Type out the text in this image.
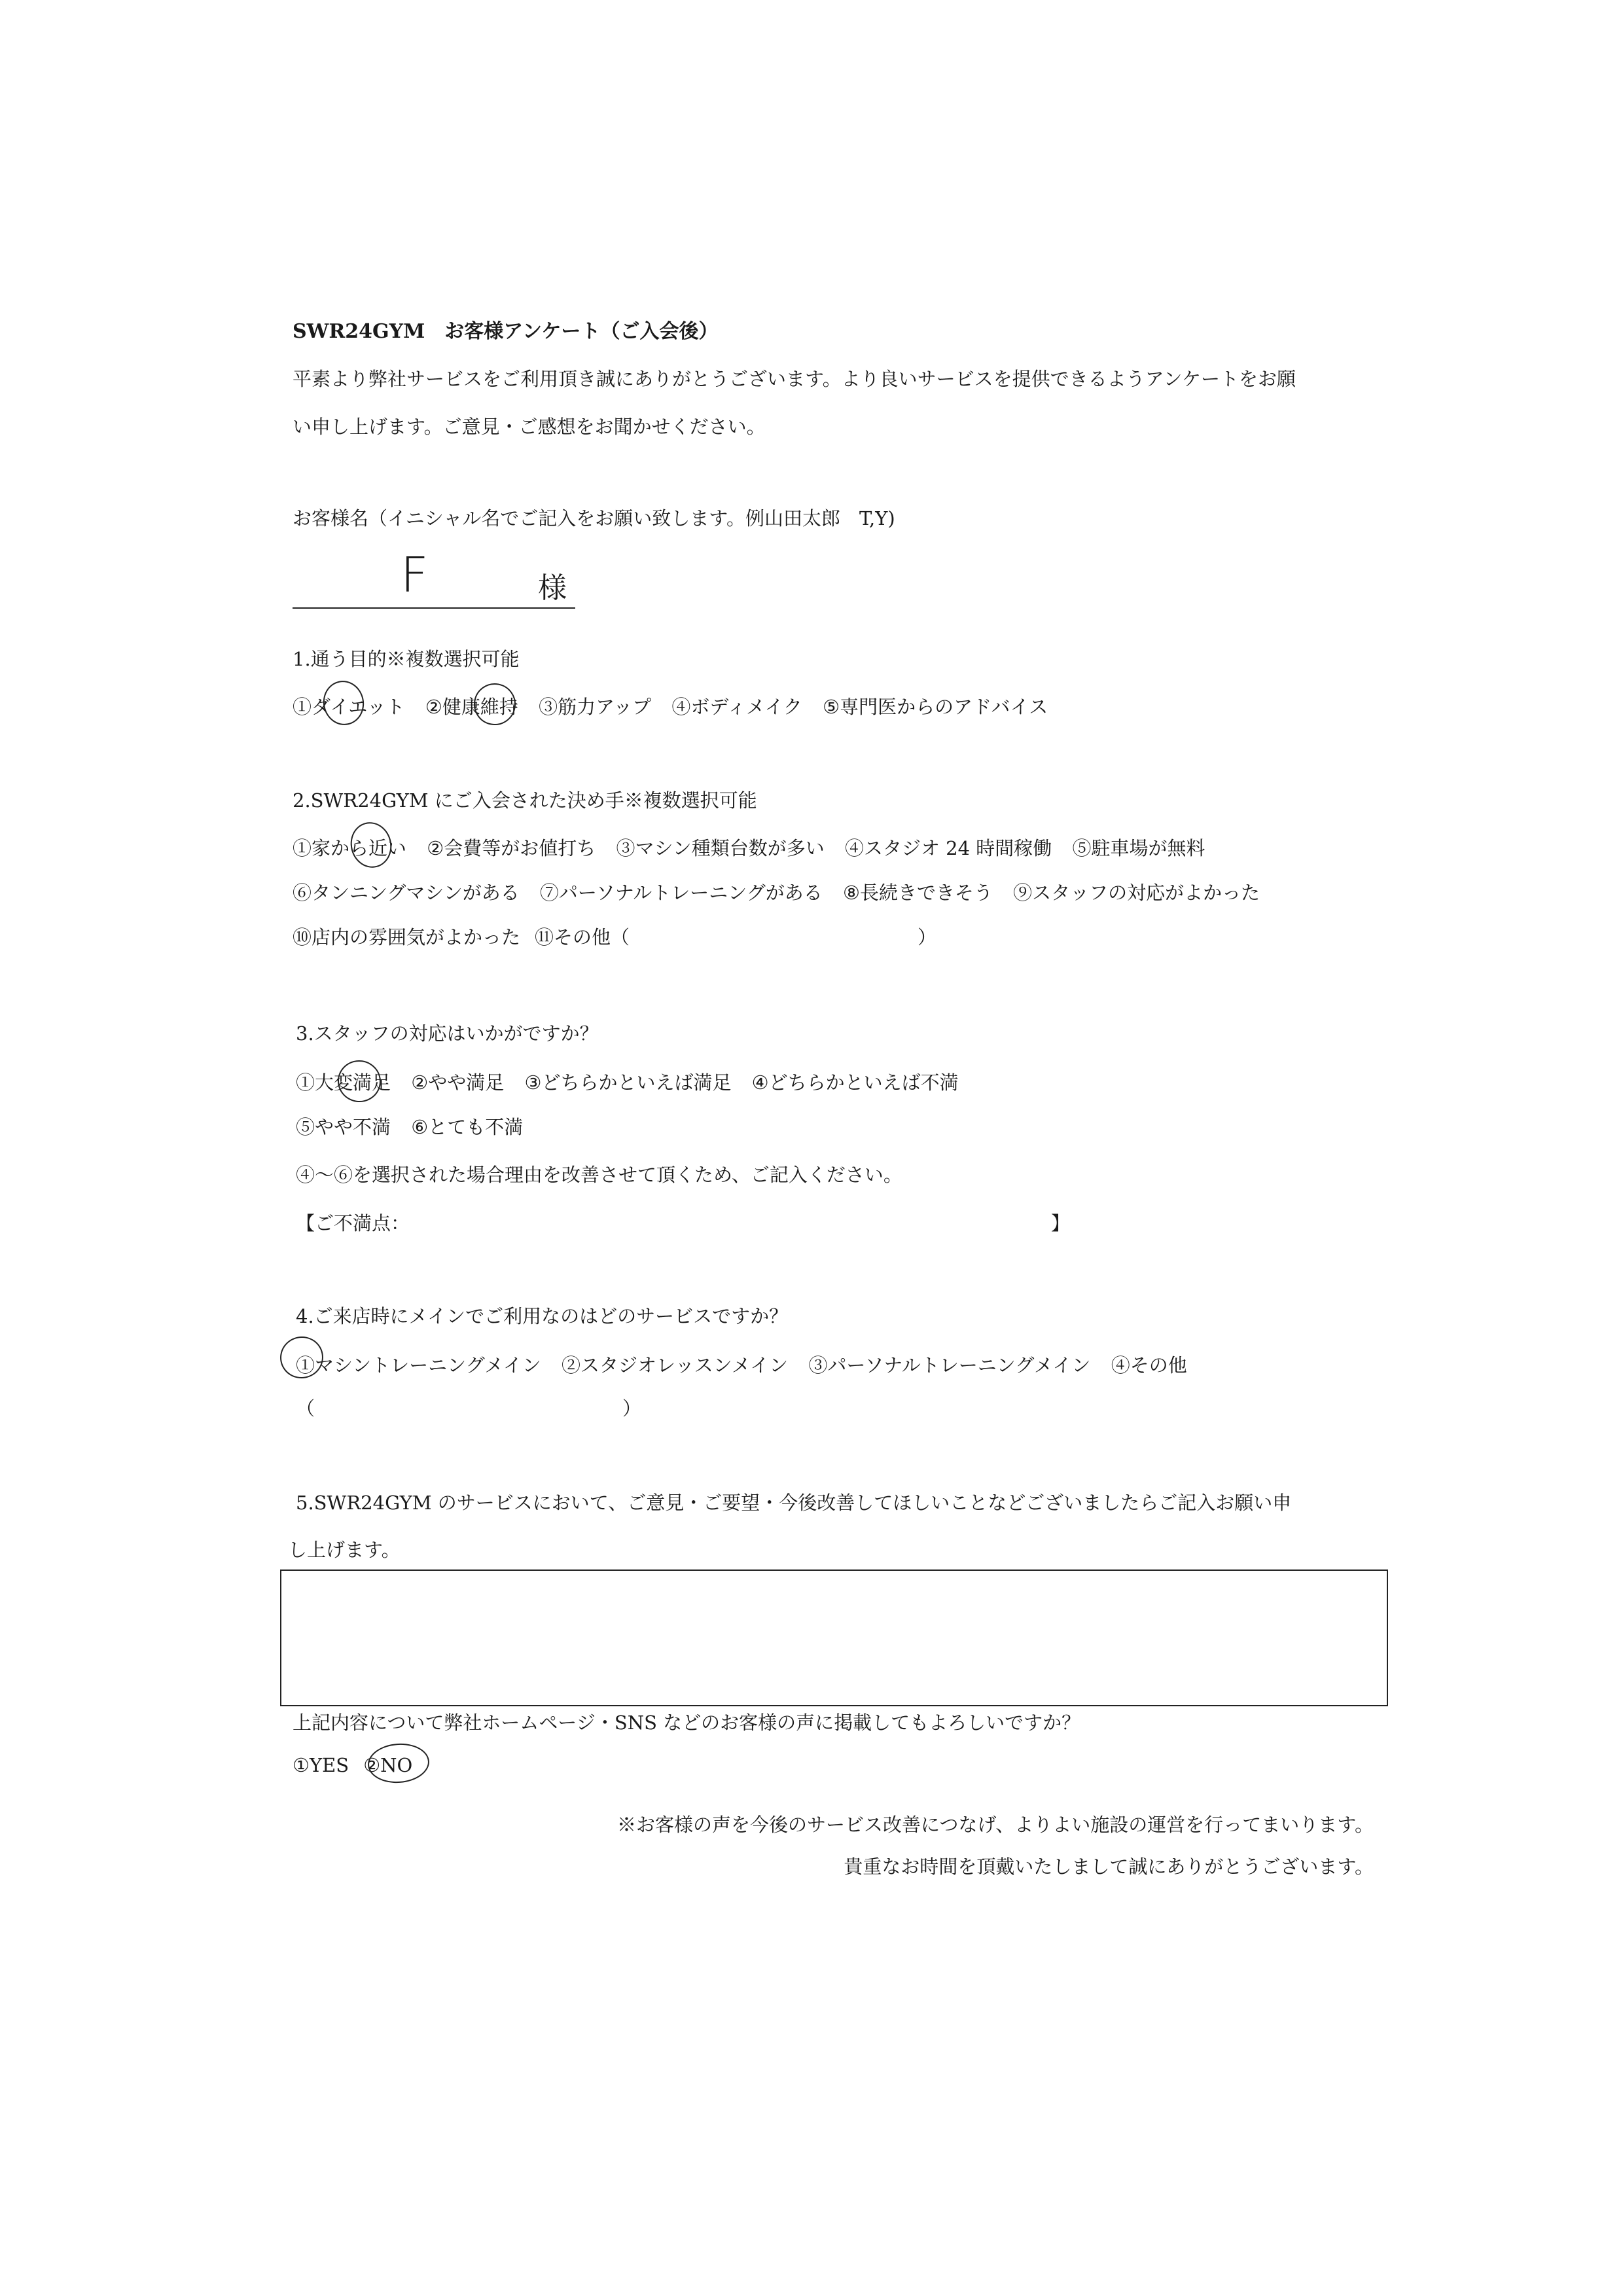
SWR24GYM　お客様アンケート（ご入会後）
平素より弊社サービスをご利用頂き誠にありがとうございます。より良いサービスを提供できるようアンケートをお願
い申し上げます。ご意見・ご感想をお聞かせください。
お客様名（イニシャル名でご記入をお願い致します。例山田太郎　T,Y)
F	様
1.通う目的※複数選択可能
①ダイエット ②健康維持 ③筋力アップ ④ボディメイク ⑤専門医からのアドバイス
2.SWR24GYM にご入会された決め手※複数選択可能
①家から近い ②会費等がお値打ち ③マシン種類台数が多い ④スタジオ 24 時間稼働 ⑤駐車場が無料
⑥タンニングマシンがある ⑦パーソナルトレーニングがある ⑧長続きできそう ⑨スタッフの対応がよかった
⑩店内の雰囲気がよかった ⑪その他（	）
3.スタッフの対応はいかがですか？
①大変満足 ②やや満足 ③どちらかといえば満足 ④どちらかといえば不満
⑤やや不満 ⑥とても不満
④〜⑥を選択された場合理由を改善させて頂くため、ご記入ください。
【ご不満点：	】
4.ご来店時にメインでご利用なのはどのサービスですか？
①マシントレーニングメイン ②スタジオレッスンメイン ③パーソナルトレーニングメイン ④その他
（	）
5.SWR24GYM のサービスにおいて、ご意見・ご要望・今後改善してほしいことなどございましたらご記入お願い申
し上げます。
上記内容について弊社ホームページ・SNS などのお客様の声に掲載してもよろしいですか？
①YES ②NO
※お客様の声を今後のサービス改善につなげ、よりよい施設の運営を行ってまいります。
貴重なお時間を頂戴いたしまして誠にありがとうございます。
